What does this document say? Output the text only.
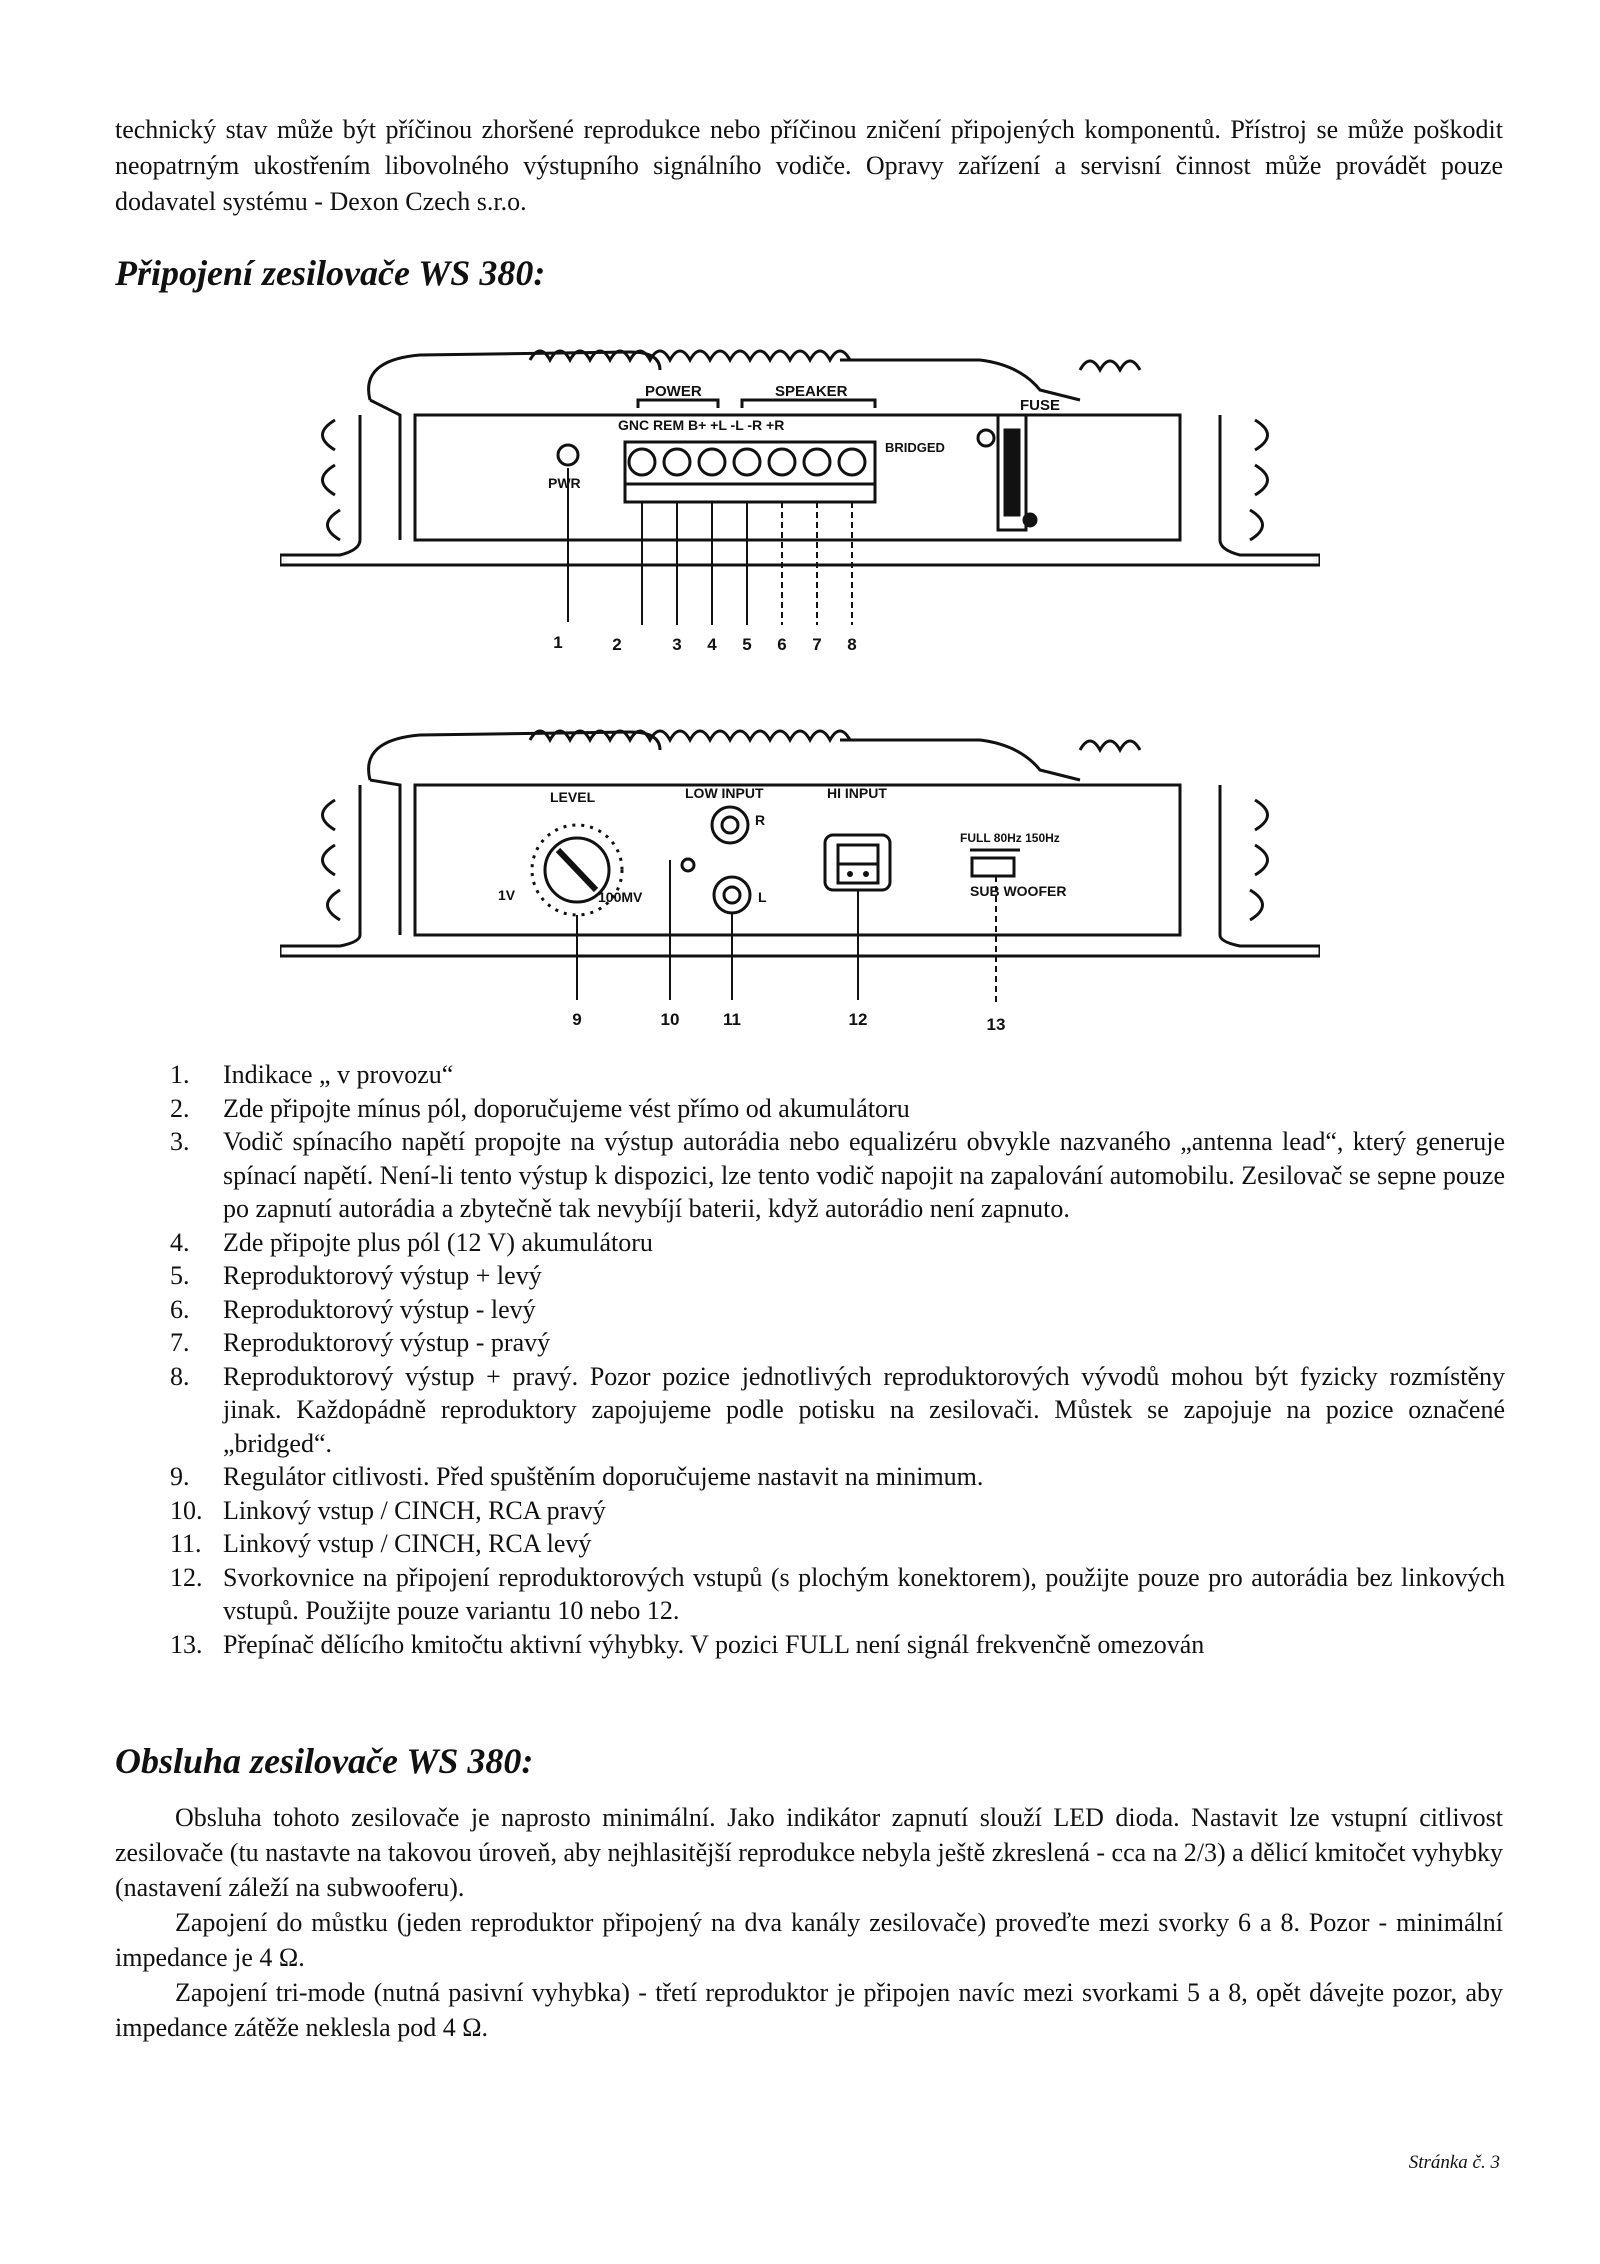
technický stav může být příčinou zhoršené reprodukce nebo příčinou zničení připojených komponentů. Přístroj se může poškodit neopatrným ukostřením libovolného výstupního signálního vodiče. Opravy zařízení a servisní činnost může provádět pouze dodavatel systému - Dexon Czech s.r.o.

Připojení zesilovače WS 380:
POWER	SPEAKER
FUSE
GNC REM B+ +L -L -R +R
BRIDGED
PWR
1	2	3 4 5 6 7 8
LEVEL	LOW INPUT	HI INPUT
1V	100MV
R
L
FULL 80Hz 150Hz
SUB WOOFER
9	10	11	12	13
1.	Indikace „ v provozu“
2.	Zde připojte mínus pól, doporučujeme vést přímo od akumulátoru
3.	Vodič spínacího napětí propojte na výstup autorádia nebo equalizéru obvykle nazvaného „antenna lead“, který generuje spínací napětí. Není-li tento výstup k dispozici, lze tento vodič napojit na zapalování automobilu. Zesilovač se sepne pouze po zapnutí autorádia a zbytečně tak nevybíjí baterii, když autorádio není zapnuto.
4.	Zde připojte plus pól (12 V) akumulátoru
5.	Reproduktorový výstup + levý
6.	Reproduktorový výstup - levý
7.	Reproduktorový výstup - pravý
8.	Reproduktorový výstup + pravý. Pozor pozice jednotlivých reproduktorových vývodů mohou být fyzicky rozmístěny jinak. Každopádně reproduktory zapojujeme podle potisku na zesilovači. Můstek se zapojuje na pozice označené „bridged“.
9.	Regulátor citlivosti. Před spuštěním doporučujeme nastavit na minimum.
10. Linkový vstup / CINCH, RCA pravý
11. Linkový vstup / CINCH, RCA levý
12. Svorkovnice na připojení reproduktorových vstupů (s plochým konektorem), použijte pouze pro autorádia bez linkových vstupů. Použijte pouze variantu 10 nebo 12.
13. Přepínač dělícího kmitočtu aktivní výhybky. V pozici FULL není signál frekvenčně omezován
Obsluha zesilovače WS 380:

Obsluha tohoto zesilovače je naprosto minimální. Jako indikátor zapnutí slouží LED dioda. Nastavit lze vstupní citlivost zesilovače (tu nastavte na takovou úroveň, aby nejhlasitější reprodukce nebyla ještě zkreslená - cca na 2/3) a dělicí kmitočet vyhybky (nastavení záleží na subwooferu).

Zapojení do můstku (jeden reproduktor připojený na dva kanály zesilovače) proveďte mezi svorky 6 a 8. Pozor - minimální impedance je 4 Ω.

Zapojení tri-mode (nutná pasivní vyhybka) - třetí reproduktor je připojen navíc mezi svorkami 5 a 8, opět dávejte pozor, aby impedance zátěže neklesla pod 4 Ω.

Stránka č. 3
